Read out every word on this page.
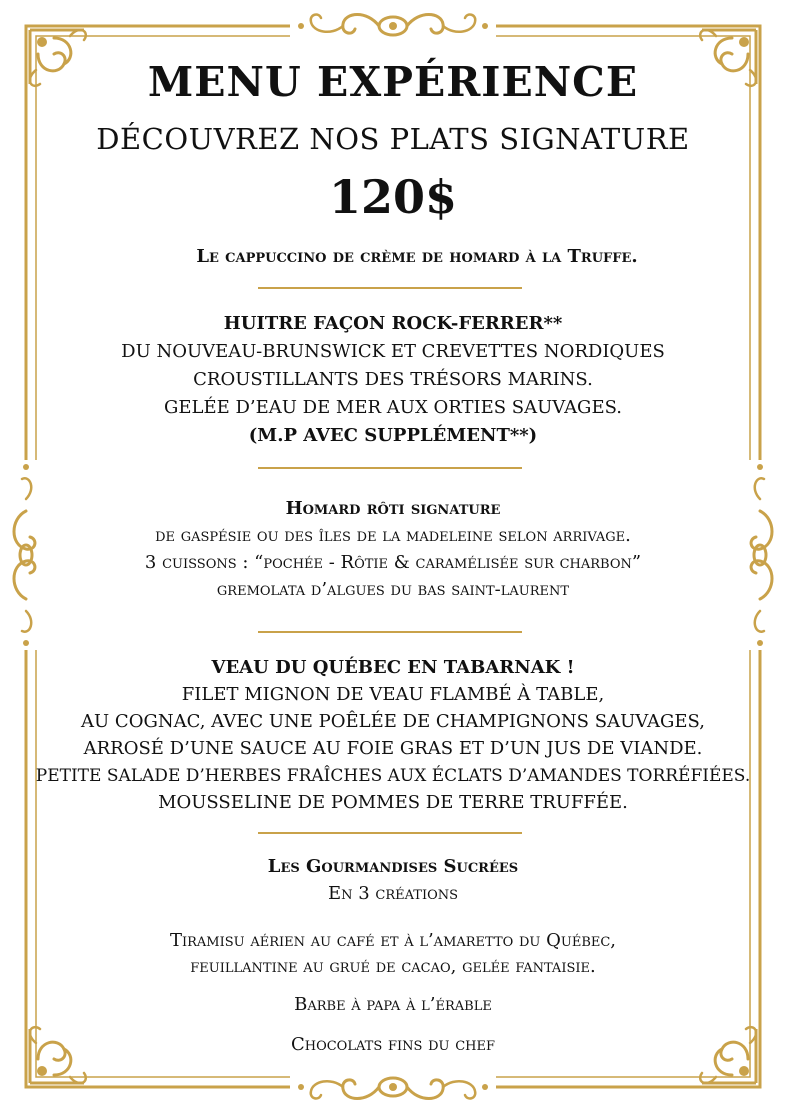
MENU EXPÉRIENCE
DÉCOUVREZ NOS PLATS SIGNATURE
120$
Le cappuccino de crème de homard à la Truffe.
HUITRE FAÇON ROCK-FERRER**
DU NOUVEAU-BRUNSWICK ET CREVETTES NORDIQUES
CROUSTILLANTS DES TRÉSORS MARINS.
GELÉE D’EAU DE MER AUX ORTIES SAUVAGES.
(M.P AVEC SUPPLÉMENT**)
Homard rôti signature
de gaspésie ou des îles de la madeleine selon arrivage.
3 cuissons : “pochée - Rôtie & caramélisée sur charbon”
gremolata d’algues du bas saint-laurent
VEAU DU QUÉBEC EN TABARNAK !
FILET MIGNON DE VEAU FLAMBÉ À TABLE,
AU COGNAC, AVEC UNE POÊLÉE DE CHAMPIGNONS SAUVAGES,
ARROSÉ D’UNE SAUCE AU FOIE GRAS ET D’UN JUS DE VIANDE.
PETITE SALADE D’HERBES FRAÎCHES AUX ÉCLATS D’AMANDES TORRÉFIÉES.
MOUSSELINE DE POMMES DE TERRE TRUFFÉE.
Les Gourmandises Sucrées
En 3 créations
Tiramisu aérien au café et à l’amaretto du Québec,
feuillantine au grué de cacao, gelée fantaisie.
Barbe à papa à l’érable
Chocolats fins du chef
